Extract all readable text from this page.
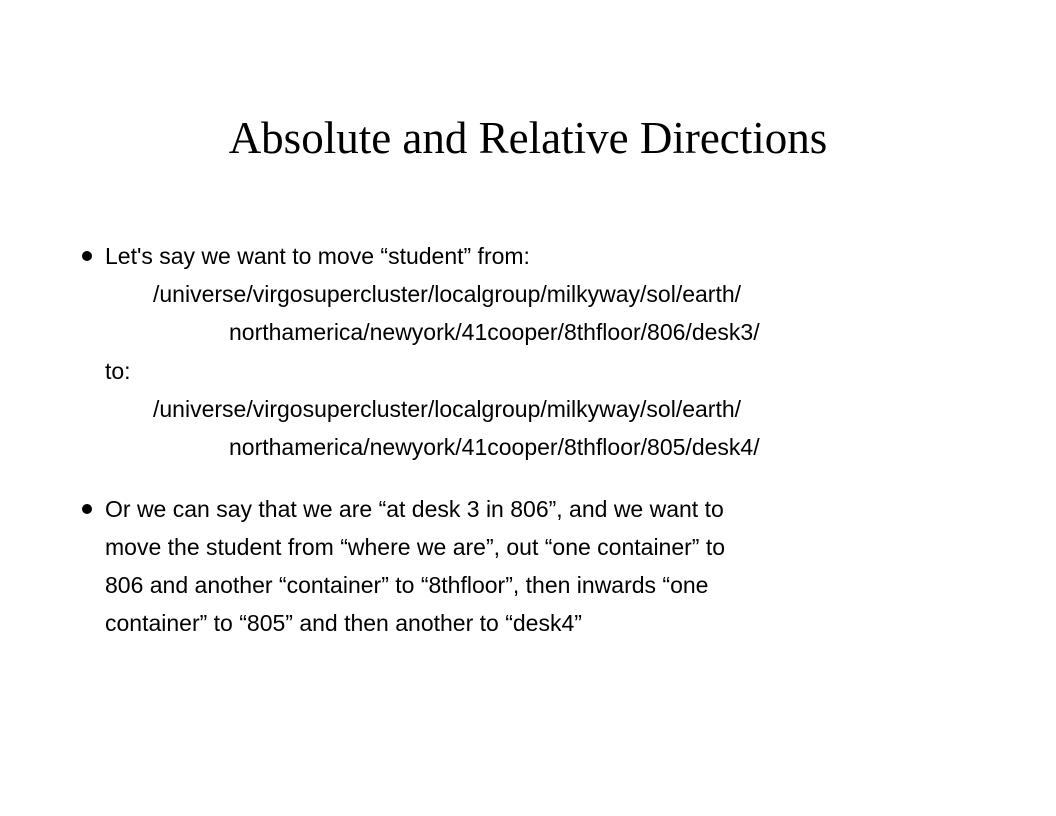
Absolute and Relative Directions
Let's say we want to move “student” from:
/universe/virgosupercluster/localgroup/milkyway/sol/earth/
northamerica/newyork/41cooper/8thfloor/806/desk3/
to:
/universe/virgosupercluster/localgroup/milkyway/sol/earth/
northamerica/newyork/41cooper/8thfloor/805/desk4/
Or we can say that we are “at desk 3 in 806”, and we want to
move the student from “where we are”, out “one container” to
806 and another “container” to “8thfloor”, then inwards “one
container” to “805” and then another to “desk4”
